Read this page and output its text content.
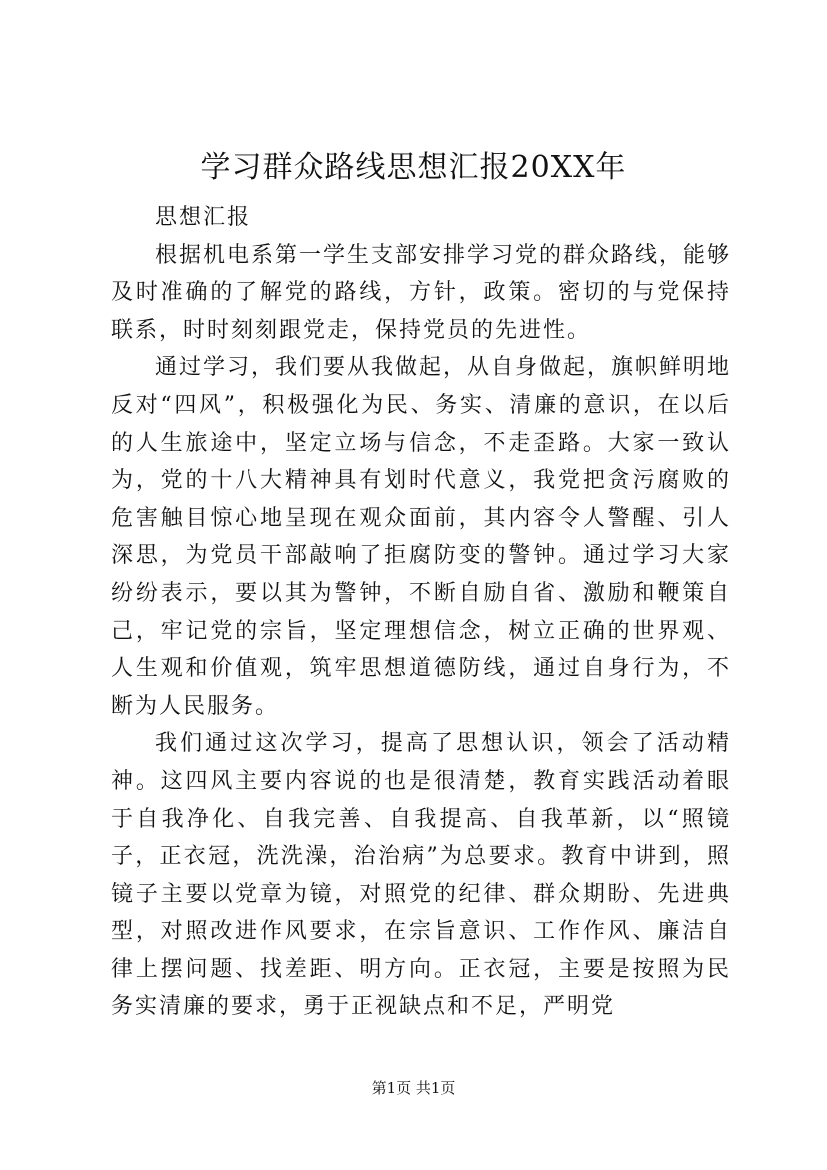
学习群众路线思想汇报20XX年

思想汇报

根据机电系第一学生支部安排学习党的群众路线，能够及时准确的了解党的路线，方针，政策。密切的与党保持联系，时时刻刻跟党走，保持党员的先进性。

通过学习，我们要从我做起，从自身做起，旗帜鲜明地反对“四风”，积极强化为民、务实、清廉的意识，在以后的人生旅途中，坚定立场与信念，不走歪路。大家一致认为，党的十八大精神具有划时代意义，我党把贪污腐败的危害触目惊心地呈现在观众面前，其内容令人警醒、引人深思，为党员干部敲响了拒腐防变的警钟。通过学习大家纷纷表示，要以其为警钟，不断自励自省、激励和鞭策自己，牢记党的宗旨，坚定理想信念，树立正确的世界观、人生观和价值观，筑牢思想道德防线，通过自身行为，不断为人民服务。

我们通过这次学习，提高了思想认识，领会了活动精神。这四风主要内容说的也是很清楚，教育实践活动着眼于自我净化、自我完善、自我提高、自我革新，以“照镜子，正衣冠，洗洗澡，治治病”为总要求。教育中讲到，照镜子主要以党章为镜，对照党的纪律、群众期盼、先进典型，对照改进作风要求，在宗旨意识、工作作风、廉洁自律上摆问题、找差距、明方向。正衣冠，主要是按照为民务实清廉的要求，勇于正视缺点和不足，严明党

第1页 共1页
